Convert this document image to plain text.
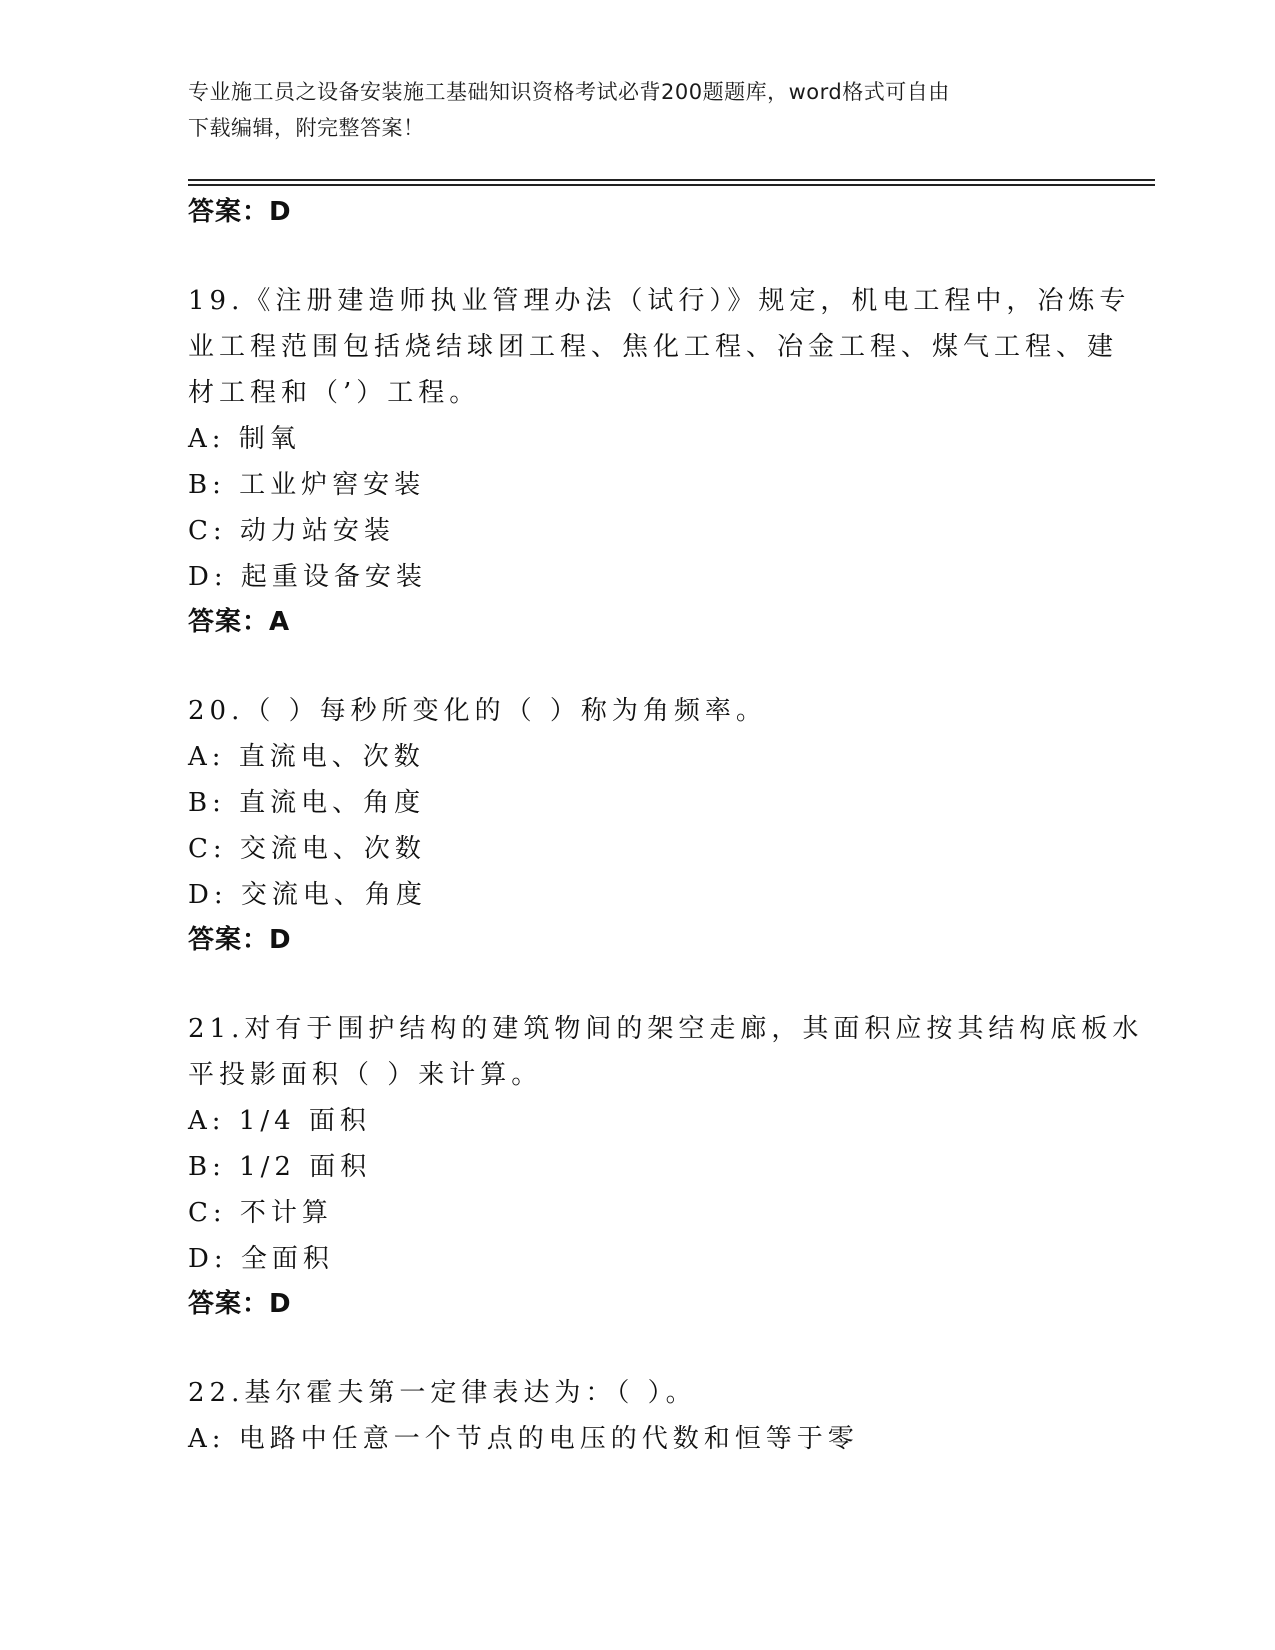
专业施工员之设备安装施工基础知识资格考试必背200题题库，word格式可自由
下载编辑，附完整答案！

答案：D

19.《注册建造师执业管理办法（试行）》规定，机电工程中，冶炼专

业工程范围包括烧结球团工程、焦化工程、冶金工程、煤气工程、建

材工程和（’）工程。

A: 制氧

B: 工业炉窖安装

C: 动力站安装

D: 起重设备安装

答案：A

20.（ ）每秒所变化的（ ）称为角频率。

A: 直流电、次数

B: 直流电、角度

C: 交流电、次数

D: 交流电、角度

答案：D

21.对有于围护结构的建筑物间的架空走廊，其面积应按其结构底板水

平投影面积（ ）来计算。

A: 1/4 面积

B: 1/2 面积

C: 不计算

D: 全面积

答案：D

22.基尔霍夫第一定律表达为：（ ）。

A: 电路中任意一个节点的电压的代数和恒等于零
